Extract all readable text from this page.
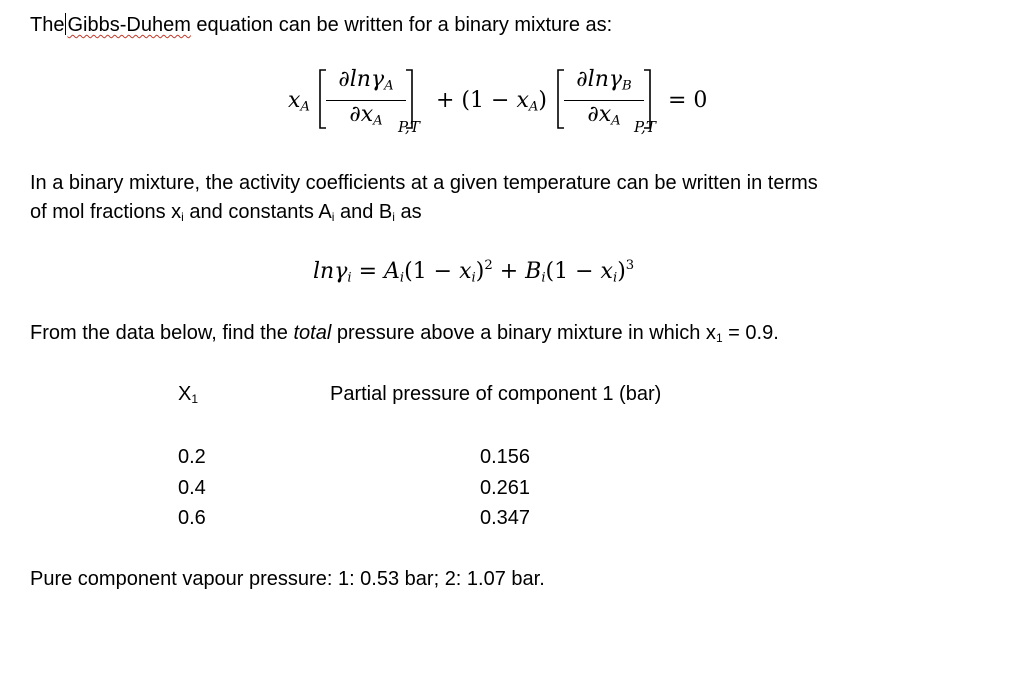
The Gibbs-Duhem equation can be written for a binary mixture as:
$x_A$
∂lnγ$_A$
$\partial x_A$	P,T
+ $(1 - x_A)$
∂lnγ$_B$
$\partial x_A$ P,T
= 0
In a binary mixture, the activity coefficients at a given temperature can be written in terms
of mol fractions $x_i$ and constants $A_i$ and $B_i$ as
$\ln\gamma_i = A_i(1 - x_i)^2 + B_i(1 - x_i)^3$
From the data below, find the total pressure above a binary mixture in which $x_1 = 0.9$.
$X_1$	Partial pressure of component 1 (bar)
0.2
0.4
0.6
0.156
0.261
0.347
Pure component vapour pressure: 1: 0.53 bar; 2: 1.07 bar.
